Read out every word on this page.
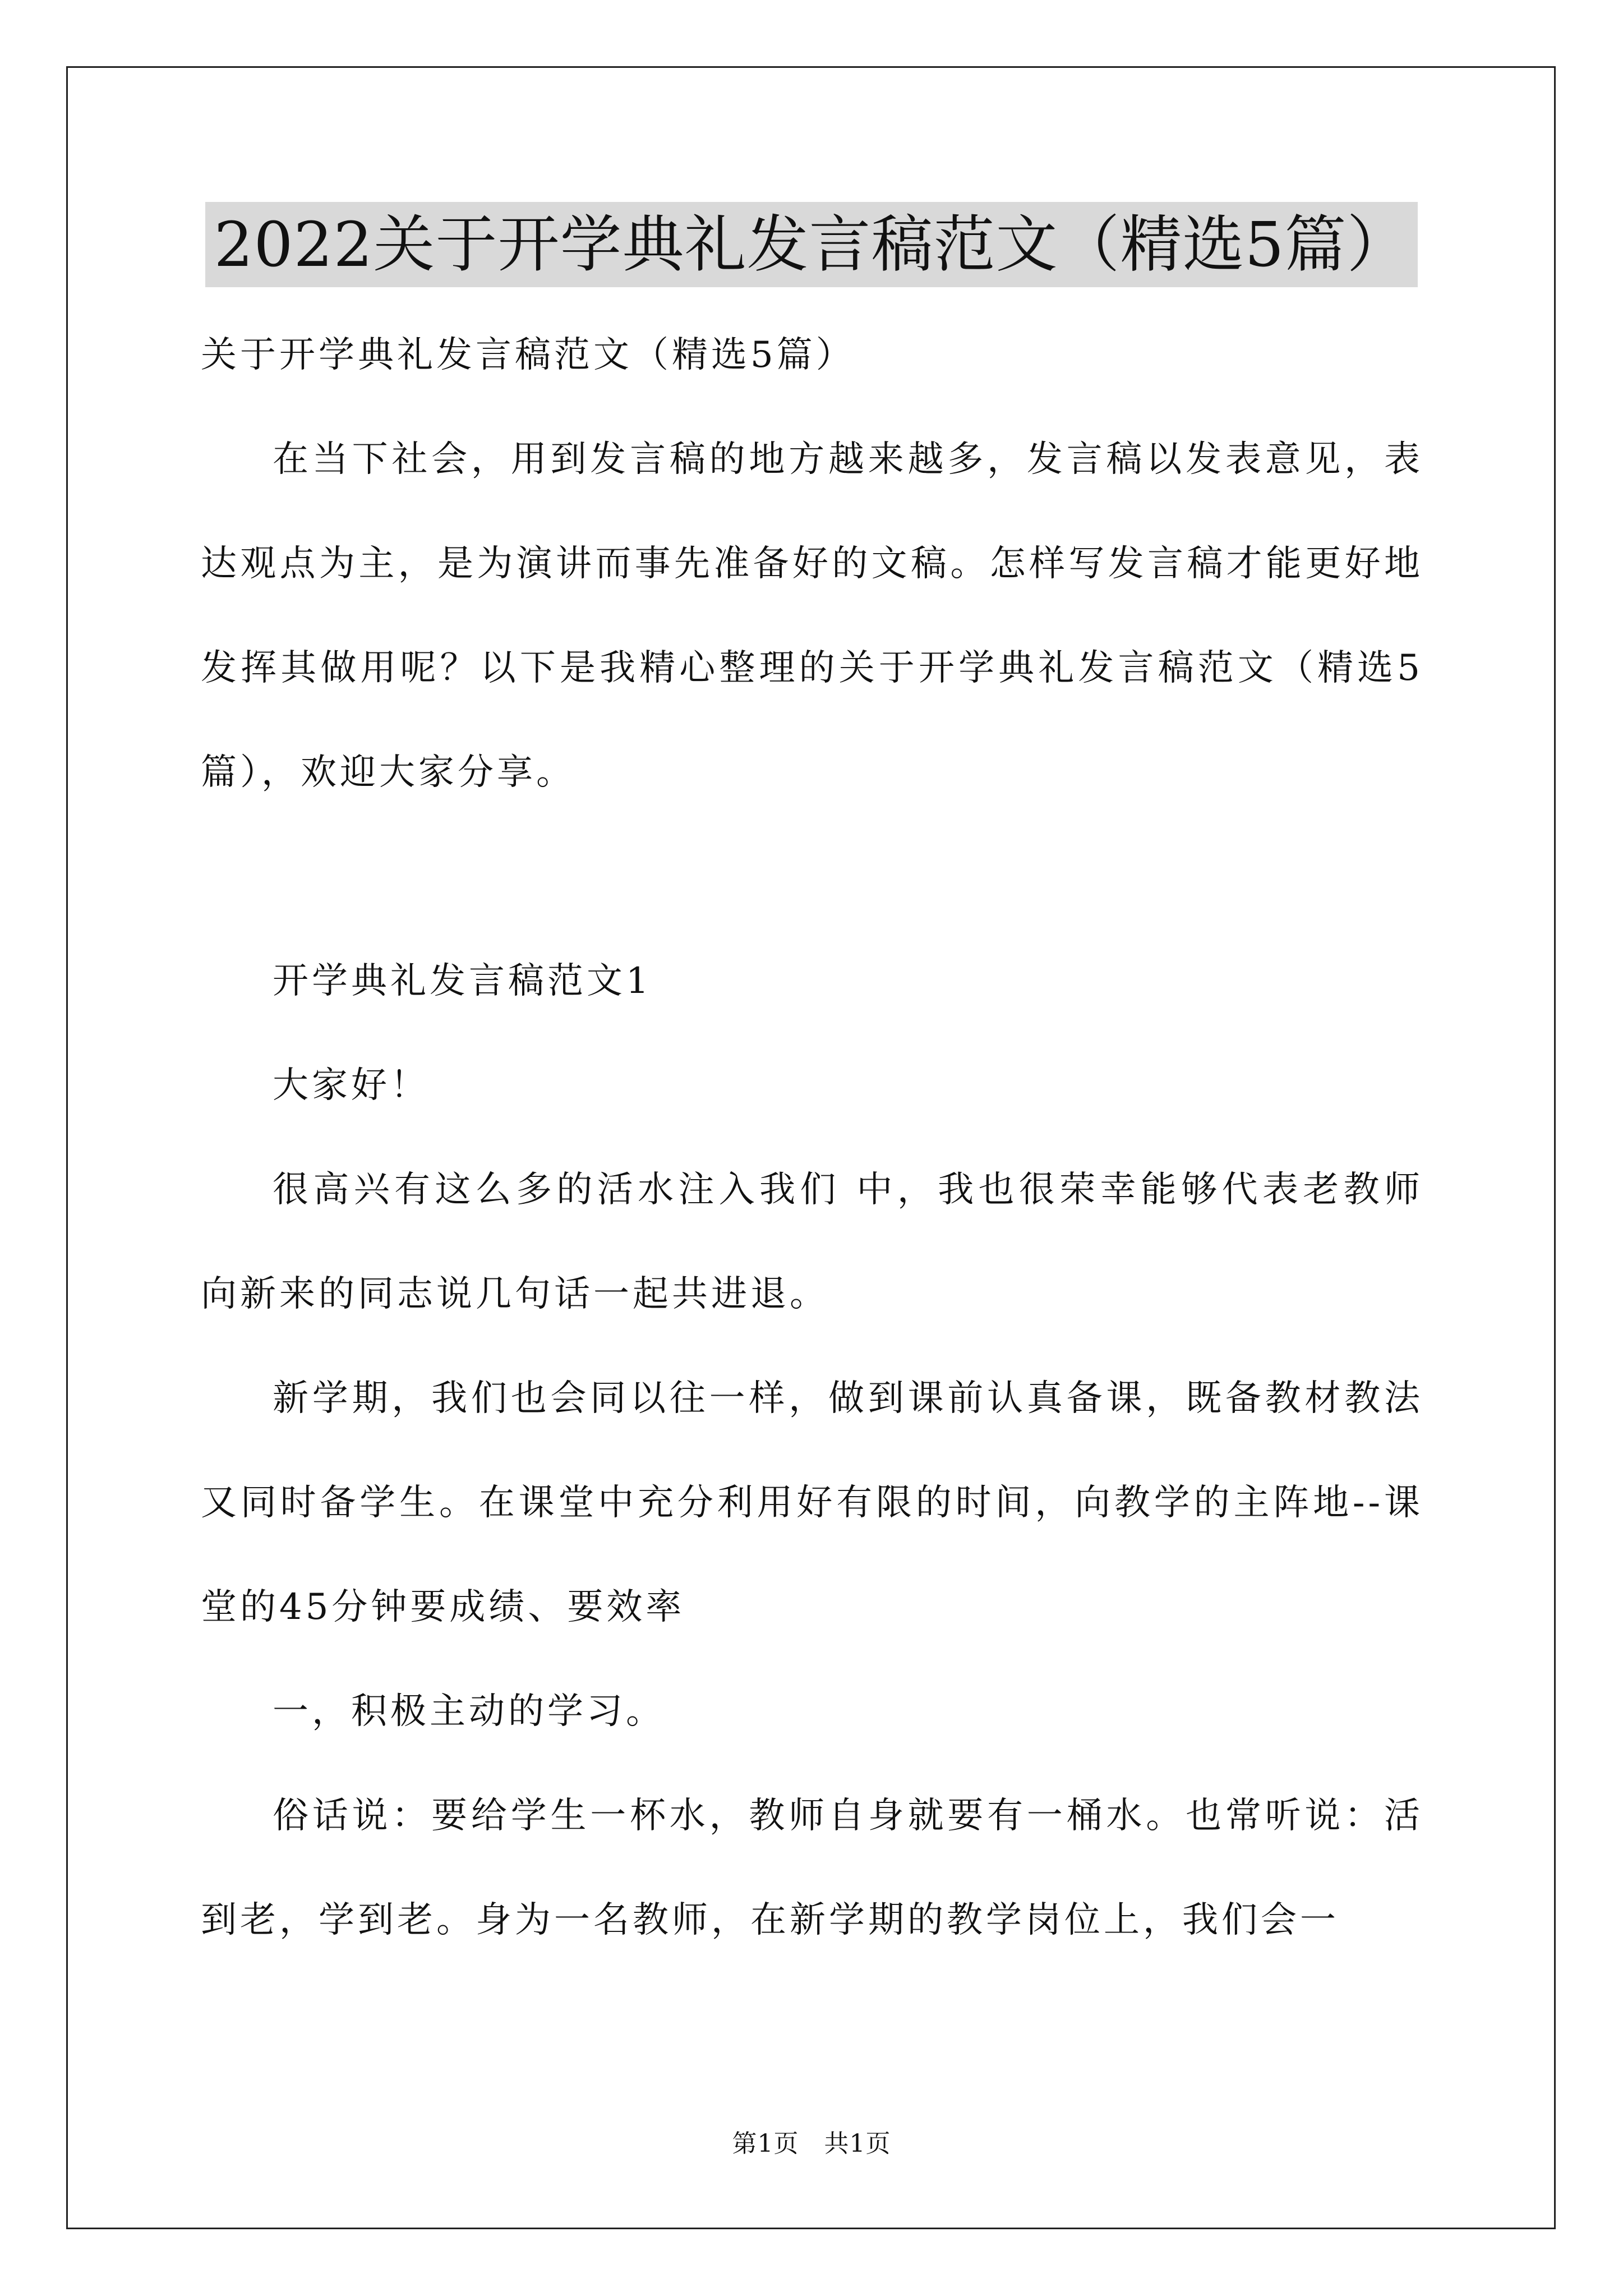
2022关于开学典礼发言稿范文（精选5篇）

关于开学典礼发言稿范文（精选5篇）

在当下社会，用到发言稿的地方越来越多，发言稿以发表意见，表达观点为主，是为演讲而事先准备好的文稿。怎样写发言稿才能更好地发挥其做用呢？以下是我精心整理的关于开学典礼发言稿范文（精选5篇），欢迎大家分享。

开学典礼发言稿范文1

大家好！

很高兴有这么多的活水注入我们 中，我也很荣幸能够代表老教师向新来的同志说几句话一起共进退。

新学期，我们也会同以往一样，做到课前认真备课，既备教材教法又同时备学生。在课堂中充分利用好有限的时间，向教学的主阵地--课堂的45分钟要成绩、要效率

一，积极主动的学习。

俗话说：要给学生一杯水，教师自身就要有一桶水。也常听说：活到老，学到老。身为一名教师，在新学期的教学岗位上，我们会一

第1页　共1页
